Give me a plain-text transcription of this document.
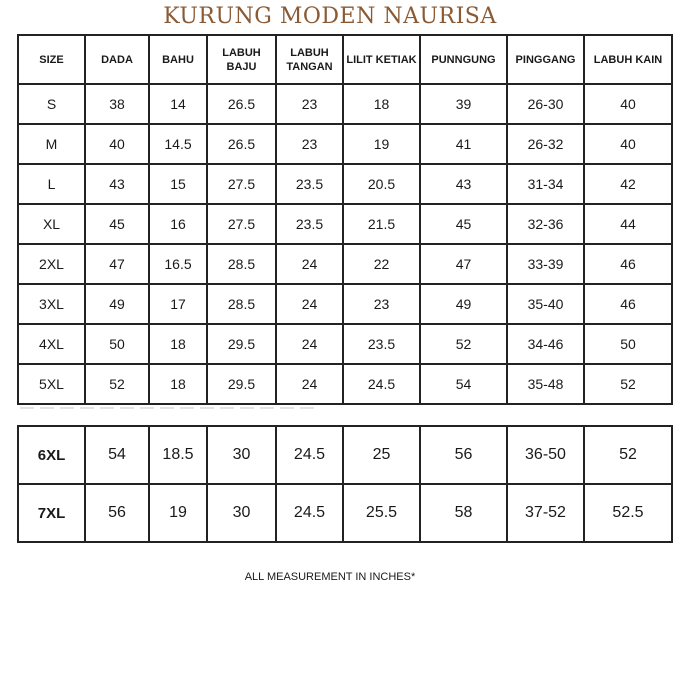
KURUNG MODEN NAURISA
SIZE	DADA	BAHU	LABUH BAJU	LABUH TANGAN	LILIT KETIAK	PUNNGUNG	PINGGANG	LABUH KAIN
S	38	14	26.5	23	18	39	26-30	40
M	40	14.5	26.5	23	19	41	26-32	40
L	43	15	27.5	23.5	20.5	43	31-34	42
XL	45	16	27.5	23.5	21.5	45	32-36	44
2XL	47	16.5	28.5	24	22	47	33-39	46
3XL	49	17	28.5	24	23	49	35-40	46
4XL	50	18	29.5	24	23.5	52	34-46	50
5XL	52	18	29.5	24	24.5	54	35-48	52
6XL	54	18.5	30	24.5	25	56	36-50	52
7XL	56	19	30	24.5	25.5	58	37-52	52.5
ALL MEASUREMENT IN INCHES*
